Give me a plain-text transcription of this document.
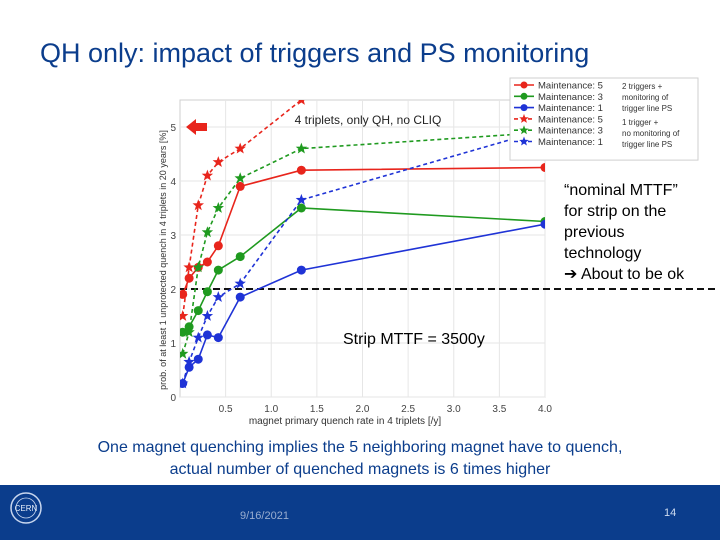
QH only: impact of triggers and PS monitoring
0.5	1.0	1.5	2.0	2.5	3.0	3.5	4.0
0
1
2
3
4
5
magnet primary quench rate in 4 triplets [/y]
prob. of at least 1 unprotected quench in 4 triplets in 20 years [%]
4 triplets, only QH, no CLIQ
Maintenance: 5
Maintenance: 3
Maintenance: 1
Maintenance: 5
Maintenance: 3
Maintenance: 1
2 triggers +
monitoring of
trigger line PS
1 trigger +
no monitoring of
trigger line PS
“nominal MTTF”
for strip on the
previous
technology
➔ About to be ok
Strip MTTF = 3500y
One magnet quenching implies the 5 neighboring magnet have to quench,
actual number of quenched magnets is 6 times higher
CERN
9/16/2021	14
